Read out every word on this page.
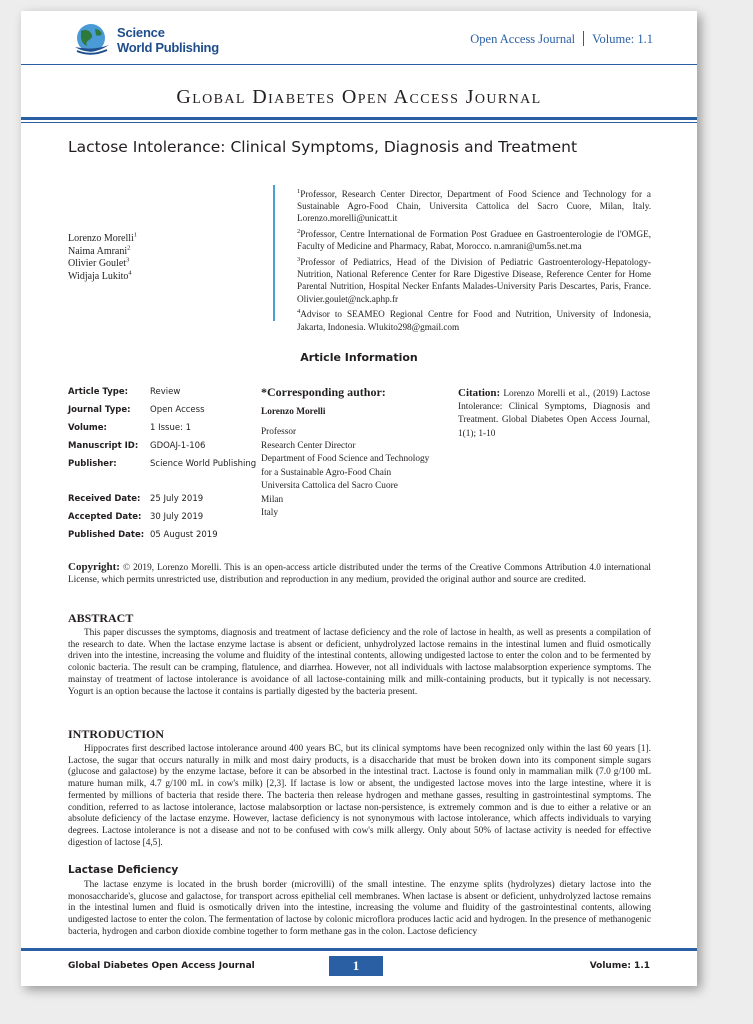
Science
World Publishing
Open Access Journal Volume: 1.1
Global Diabetes Open Access Journal
Lactose Intolerance: Clinical Symptoms, Diagnosis and Treatment
Lorenzo Morelli$^1$
Naima Amrani$^2$
Olivier Goulet$^3$
Widjaja Lukito$^4$

$^1$Professor, Research Center Director, Department of Food Science and Technology for a Sustainable Agro-Food Chain, Universita Cattolica del Sacro Cuore, Milan, Italy. Lorenzo.morelli@unicatt.it

$^2$Professor, Centre International de Formation Post Graduee en Gastroenterologie de l'OMGE, Faculty of Medicine and Pharmacy, Rabat, Morocco. n.amrani@um5s.net.ma

$^3$Professor of Pediatrics, Head of the Division of Pediatric Gastroenterology-Hepatology-Nutrition, National Reference Center for Rare Digestive Disease, Reference Center for Home Parental Nutrition, Hospital Necker Enfants Malades-University Paris Descartes, Paris, France. Olivier.goulet@nck.aphp.fr

$^4$Advisor to SEAMEO Regional Centre for Food and Nutrition, University of Indonesia, Jakarta, Indonesia. Wlukito298@gmail.com

Article Information
Article Type:	Review
Journal Type: Open Access
Volume:	1 Issue: 1
Manuscript ID: GDOAJ-1-106
Publisher:	Science World Publishing
Received Date: 25 July 2019
Accepted Date: 30 July 2019
Published Date: 05 August 2019
*Corresponding author:
Lorenzo Morelli
Professor
Research Center Director
Department of Food Science and Technology
for a Sustainable Agro-Food Chain
Universita Cattolica del Sacro Cuore
Milan
Italy
Citation: Lorenzo Morelli et al., (2019) Lactose Intolerance: Clinical Symptoms, Diagnosis and Treatment. Global Diabetes Open Access Journal, 1(1); 1-10
Copyright: © 2019, Lorenzo Morelli. This is an open-access article distributed under the terms of the Creative Commons Attribution 4.0 international License, which permits unrestricted use, distribution and reproduction in any medium, provided the original author and source are credited.
ABSTRACT

This paper discusses the symptoms, diagnosis and treatment of lactase deficiency and the role of lactose in health, as well as presents a compilation of the research to date. When the lactase enzyme lactase is absent or deficient, unhydrolyzed lactose remains in the intestinal lumen and fluid osmotically driven into the intestine, increasing the volume and fluidity of the intestinal contents, allowing undigested lactose to enter the colon and to be fermented by colonic bacteria. The result can be cramping, flatulence, and diarrhea. However, not all individuals with lactose malabsorption experience symptoms. The mainstay of treatment of lactose intolerance is avoidance of all lactose-containing milk and milk-containing products, but it typically is not necessary. Yogurt is an option because the lactose it contains is partially digested by the bacteria present.

INTRODUCTION

Hippocrates first described lactose intolerance around 400 years BC, but its clinical symptoms have been recognized only within the last 60 years [1]. Lactose, the sugar that occurs naturally in milk and most dairy products, is a disaccharide that must be broken down into its component simple sugars (glucose and galactose) by the enzyme lactase, before it can be absorbed in the intestinal tract. Lactose is found only in mammalian milk (7.0 g/100 mL mature human milk, 4.7 g/100 mL in cow's milk) [2,3]. If lactase is low or absent, the undigested lactose moves into the large intestine, where it is fermented by millions of bacteria that reside there. The bacteria then release hydrogen and methane gasses, resulting in gastrointestinal symptoms. The condition, referred to as lactose intolerance, lactose malabsorption or lactase non-persistence, is extremely common and is due to either a relative or an absolute deficiency of the lactase enzyme. However, lactase deficiency is not synonymous with lactose intolerance, which affects individuals to varying degrees. Lactose intolerance is not a disease and not to be confused with cow's milk allergy. Only about 50% of lactase activity is needed for effective digestion of lactose [4,5].

Lactase Deficiency

The lactase enzyme is located in the brush border (microvilli) of the small intestine. The enzyme splits (hydrolyzes) dietary lactose into the monosaccharide's, glucose and galactose, for transport across epithelial cell membranes. When lactase is absent or deficient, unhydrolyzed lactose remains in the intestinal lumen and fluid is osmotically driven into the intestine, increasing the volume and fluidity of the gastrointestinal contents, allowing undigested lactose to enter the colon. The fermentation of lactose by colonic microflora produces lactic acid and hydrogen. In the presence of methanogenic bacteria, hydrogen and carbon dioxide combine together to form methane gas in the colon. Lactose deficiency

Global Diabetes Open Access Journal	1	Volume: 1.1
